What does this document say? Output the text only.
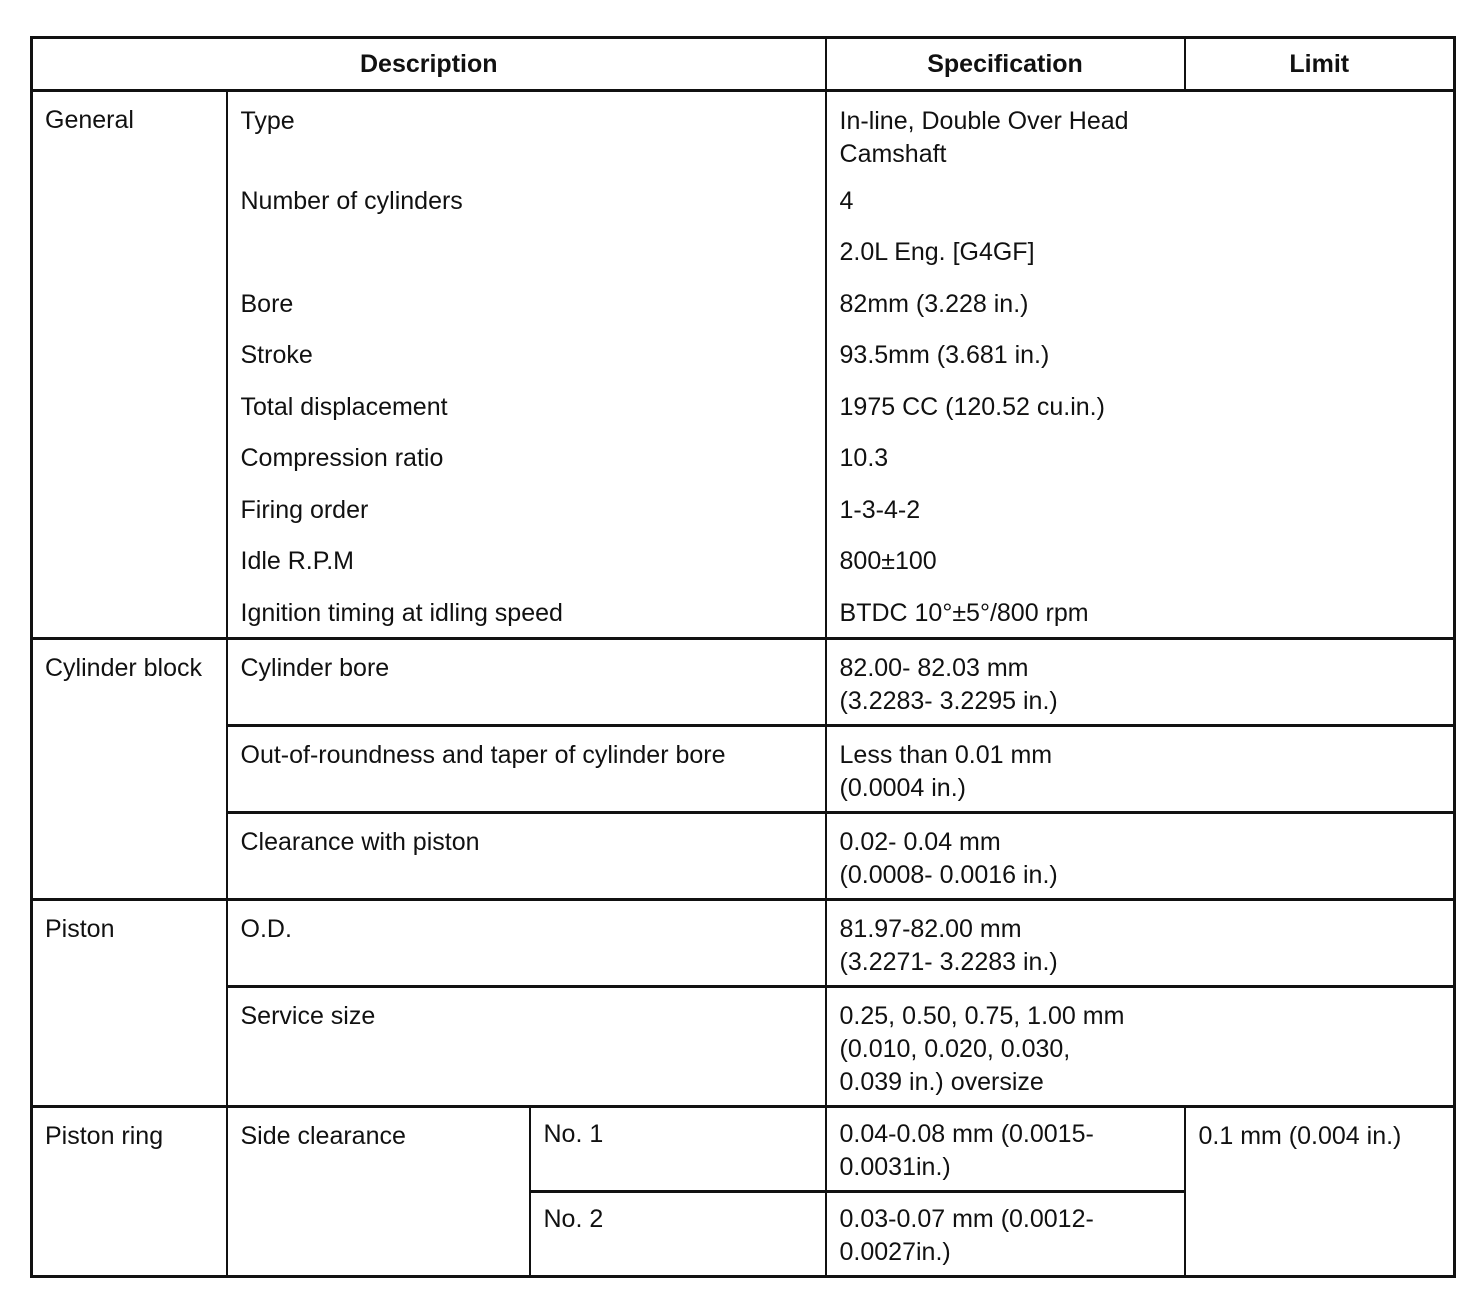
Description			Specification	Limit
General	Type		In-line, Double Over Head
Camshaft	

	Number of cylinders		4	
			2.0L Eng. [G4GF]	
	Bore		82mm (3.228 in.)	
	Stroke		93.5mm (3.681 in.)	
	Total displacement		1975 CC (120.52 cu.in.)	
	Compression ratio		10.3	
	Firing order		1-3-4-2	
	Idle R.P.M		800±100	
	Ignition timing at idling speed		BTDC 10°±5°/800 rpm	
Cylinder block	Cylinder bore		82.00- 82.03 mm
(3.2283- 3.2295 in.)	

	Out-of-roundness and taper of cylinder bore		Less than 0.01 mm
(0.0004 in.)	

	Clearance with piston		0.02- 0.04 mm
(0.0008- 0.0016 in.)	

Piston	O.D.		81.97-82.00 mm
(3.2271- 3.2283 in.)	

	Service size		0.25, 0.50, 0.75, 1.00 mm
(0.010, 0.020, 0.030,
0.039 in.) oversize	

Piston ring	Side clearance	No. 1	0.04-0.08 mm (0.0015-
0.0031in.)	0.1 mm (0.004 in.)
		No. 2	0.03-0.07 mm (0.0012-
0.0027in.)	
